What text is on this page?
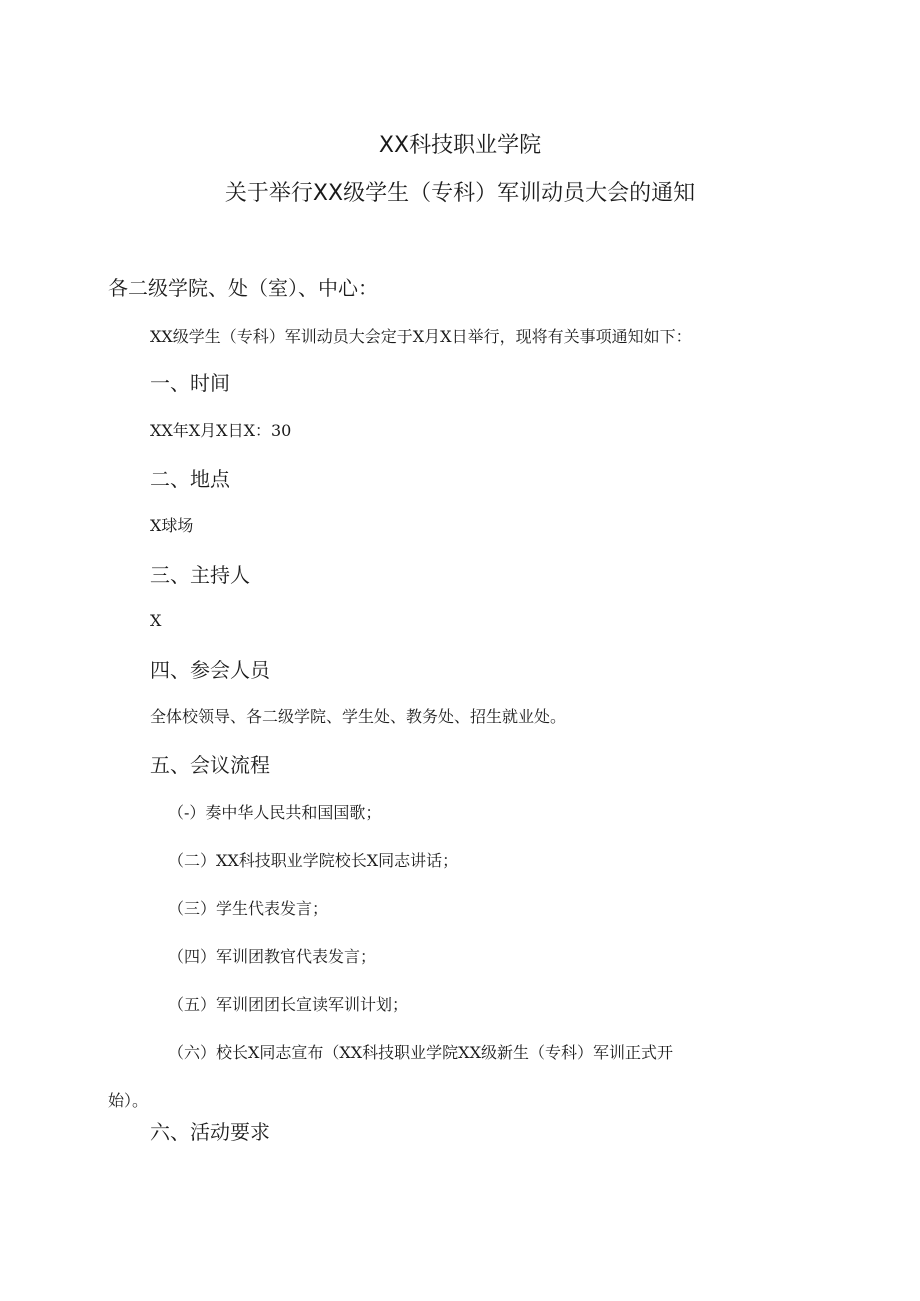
XX科技职业学院
关于举行XX级学生（专科）军训动员大会的通知
各二级学院、处（室）、中心：
XX级学生（专科）军训动员大会定于X月X日举行，现将有关事项通知如下：
一、时间
XX年X月X日X：30
二、地点
X球场
三、主持人
X
四、参会人员
全体校领导、各二级学院、学生处、教务处、招生就业处。
五、会议流程
（-）奏中华人民共和国国歌；
（二）XX科技职业学院校长X同志讲话；
（三）学生代表发言；
（四）军训团教官代表发言；
（五）军训团团长宣读军训计划；
（六）校长X同志宣布（XX科技职业学院XX级新生（专科）军训正式开
始）。
六、活动要求
